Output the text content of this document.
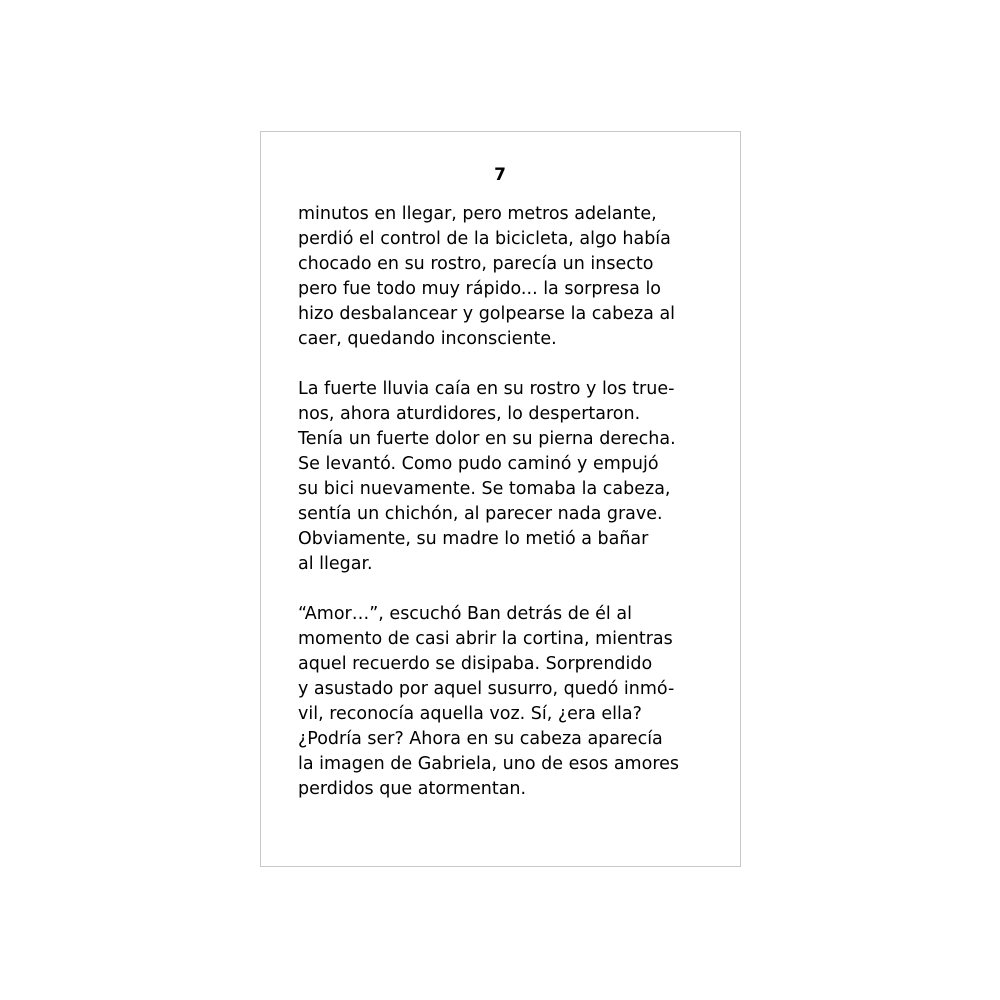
7

minutos en llegar, pero metros adelante,
perdió el control de la bicicleta, algo había
chocado en su rostro, parecía un insecto
pero fue todo muy rápido... la sorpresa lo
hizo desbalancear y golpearse la cabeza al
caer, quedando inconsciente.

La fuerte lluvia caía en su rostro y los true-
nos, ahora aturdidores, lo despertaron.
Tenía un fuerte dolor en su pierna derecha.
Se levantó. Como pudo caminó y empujó
su bici nuevamente. Se tomaba la cabeza,
sentía un chichón, al parecer nada grave.
Obviamente, su madre lo metió a bañar
al llegar.

“Amor…”, escuchó Ban detrás de él al
momento de casi abrir la cortina, mientras
aquel recuerdo se disipaba. Sorprendido
y asustado por aquel susurro, quedó inmó-
vil, reconocía aquella voz. Sí, ¿era ella?
¿Podría ser? Ahora en su cabeza aparecía
la imagen de Gabriela, uno de esos amores
perdidos que atormentan.
